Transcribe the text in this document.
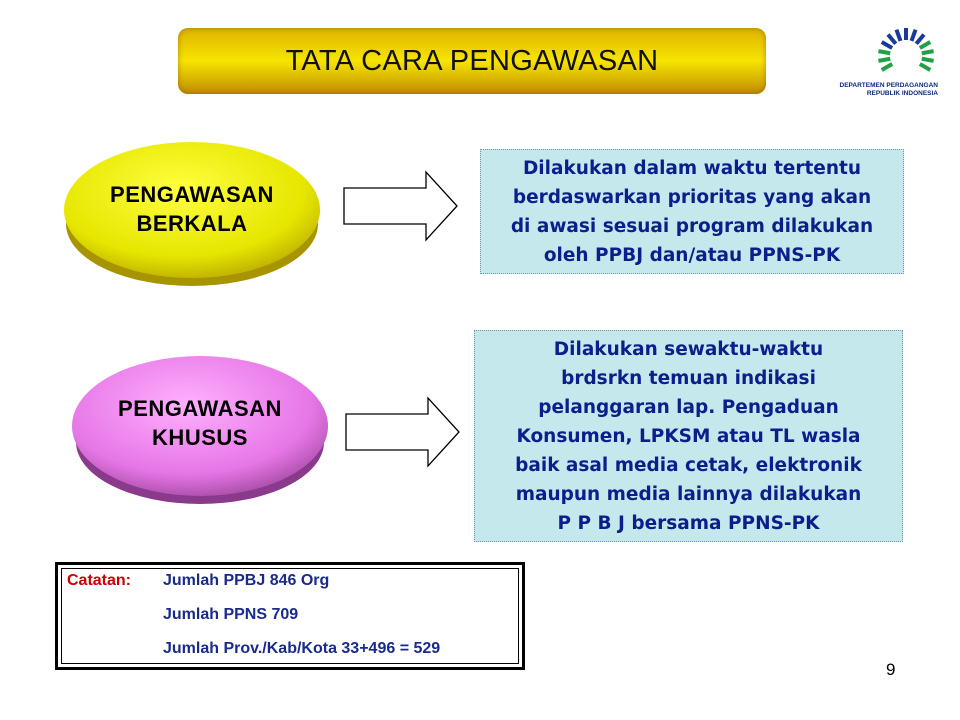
TATA CARA PENGAWASAN
DEPARTEMEN PERDAGANGAN
REPUBLIK INDONESIA
PENGAWASAN
BERKALA
PENGAWASAN
KHUSUS
Dilakukan dalam waktu tertentu
berdaswarkan prioritas yang akan
di awasi sesuai program dilakukan
oleh PPBJ dan/atau PPNS-PK
Dilakukan sewaktu-waktu
brdsrkn temuan indikasi
pelanggaran lap. Pengaduan
Konsumen, LPKSM atau TL wasla
baik asal media cetak, elektronik
maupun media lainnya dilakukan
P P B J bersama PPNS-PK
Catatan: Jumlah PPBJ 846 Org
Jumlah PPNS 709
Jumlah Prov./Kab/Kota 33+496 = 529
9
